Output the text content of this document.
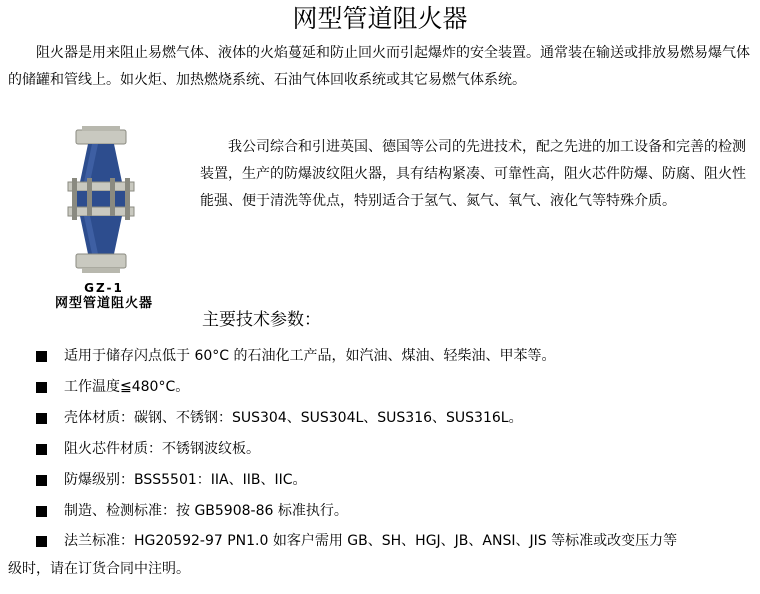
网型管道阻火器

阻火器是用来阻止易燃气体、液体的火焰蔓延和防止回火而引起爆炸的安全装置。通常装在输送或排放易燃易爆气体的储罐和管线上。如火炬、加热燃烧系统、石油气体回收系统或其它易燃气体系统。

GZ-1
网型管道阻火器

我公司综合和引进英国、德国等公司的先进技术，配之先进的加工设备和完善的检测装置，生产的防爆波纹阻火器，具有结构紧凑、可靠性高，阻火芯件防爆、防腐、阻火性能强、便于清洗等优点，特别适合于氢气、氮气、氧气、液化气等特殊介质。

主要技术参数：
适用于储存闪点低于 60°C 的石油化工产品，如汽油、煤油、轻柴油、甲苯等。
工作温度≦480°C。
壳体材质：碳钢、不锈钢：SUS304、SUS304L、SUS316、SUS316L。
阻火芯件材质：不锈钢波纹板。
防爆级别：BSS5501：IIA、IIB、IIC。
制造、检测标准：按 GB5908-86 标准执行。
法兰标准：HG20592-97 PN1.0 如客户需用 GB、SH、HGJ、JB、ANSI、JIS 等标准或改变压力等
级时，请在订货合同中注明。
